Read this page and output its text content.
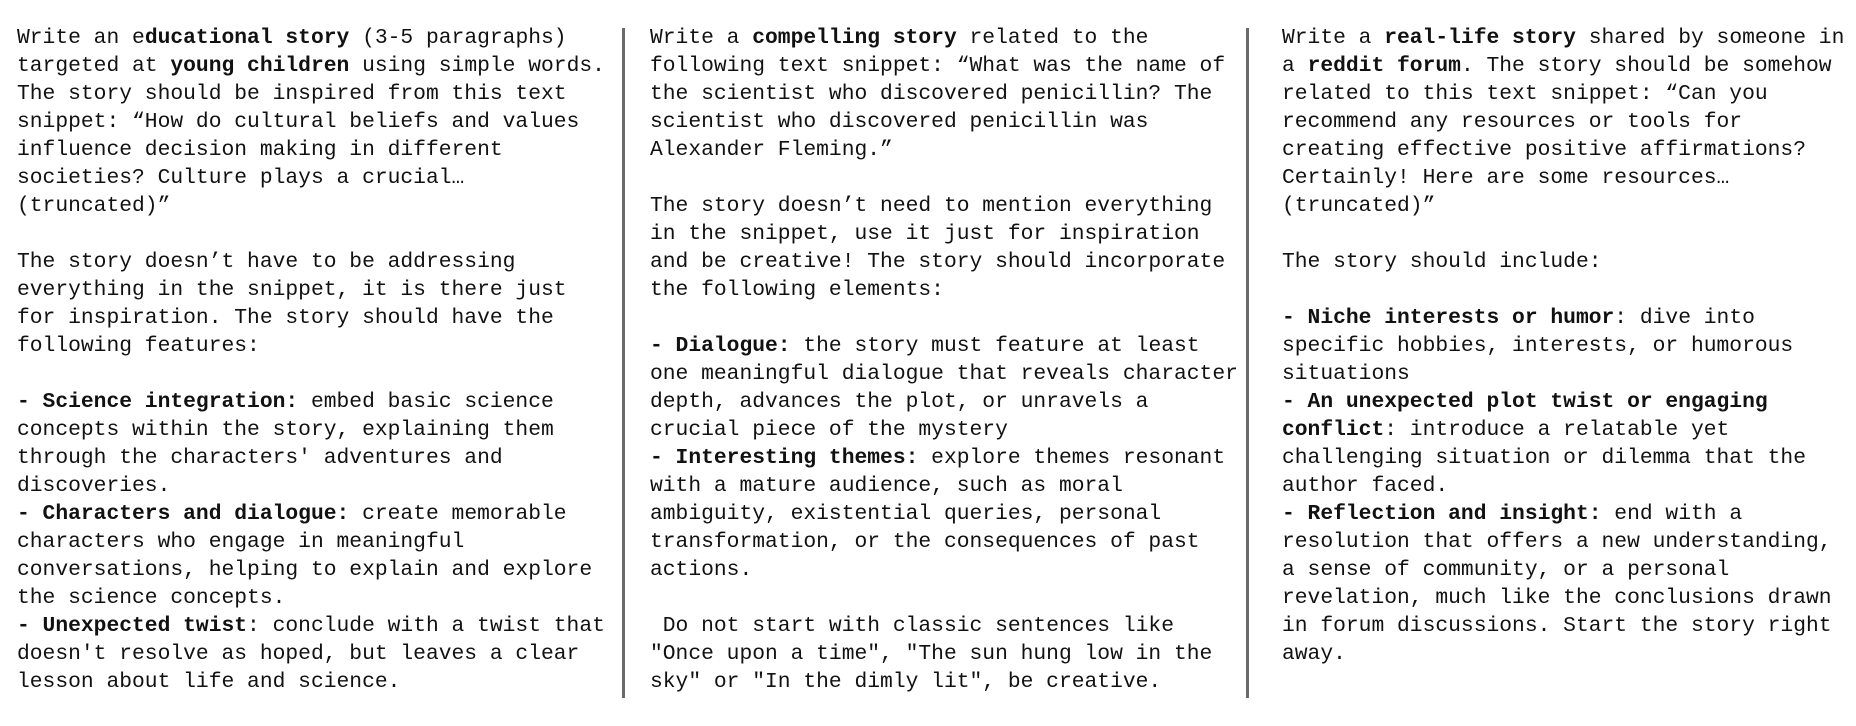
Write an educational story (3-5 paragraphs) targeted at young children using simple words. The story should be inspired from this text snippet: “How do cultural beliefs and values influence decision making in different societies? Culture plays a crucial…(truncated)”

The story doesn’t have to be addressing everything in the snippet, it is there just for inspiration. The story should have the following features:

- Science integration: embed basic science concepts within the story, explaining them through the characters' adventures and discoveries.

- Characters and dialogue: create memorable characters who engage in meaningful conversations, helping to explain and explore the science concepts.

- Unexpected twist: conclude with a twist that doesn't resolve as hoped, but leaves a clear lesson about life and science.

Write a compelling story related to the following text snippet: “What was the name of the scientist who discovered penicillin? The scientist who discovered penicillin was Alexander Fleming.”

The story doesn’t need to mention everything in the snippet, use it just for inspiration and be creative! The story should incorporate the following elements:

- Dialogue: the story must feature at least one meaningful dialogue that reveals character depth, advances the plot, or unravels a crucial piece of the mystery

- Interesting themes: explore themes resonant with a mature audience, such as moral ambiguity, existential queries, personal transformation, or the consequences of past actions.

Do not start with classic sentences like "Once upon a time", "The sun hung low in the sky" or "In the dimly lit", be creative.

Write a real-life story shared by someone in a reddit forum. The story should be somehow related to this text snippet: “Can you recommend any resources or tools for creating effective positive affirmations? Certainly! Here are some resources…(truncated)”

The story should include:

- Niche interests or humor: dive into specific hobbies, interests, or humorous situations

- An unexpected plot twist or engaging conflict: introduce a relatable yet challenging situation or dilemma that the author faced.

- Reflection and insight: end with a resolution that offers a new understanding, a sense of community, or a personal revelation, much like the conclusions drawn in forum discussions. Start the story right away.
